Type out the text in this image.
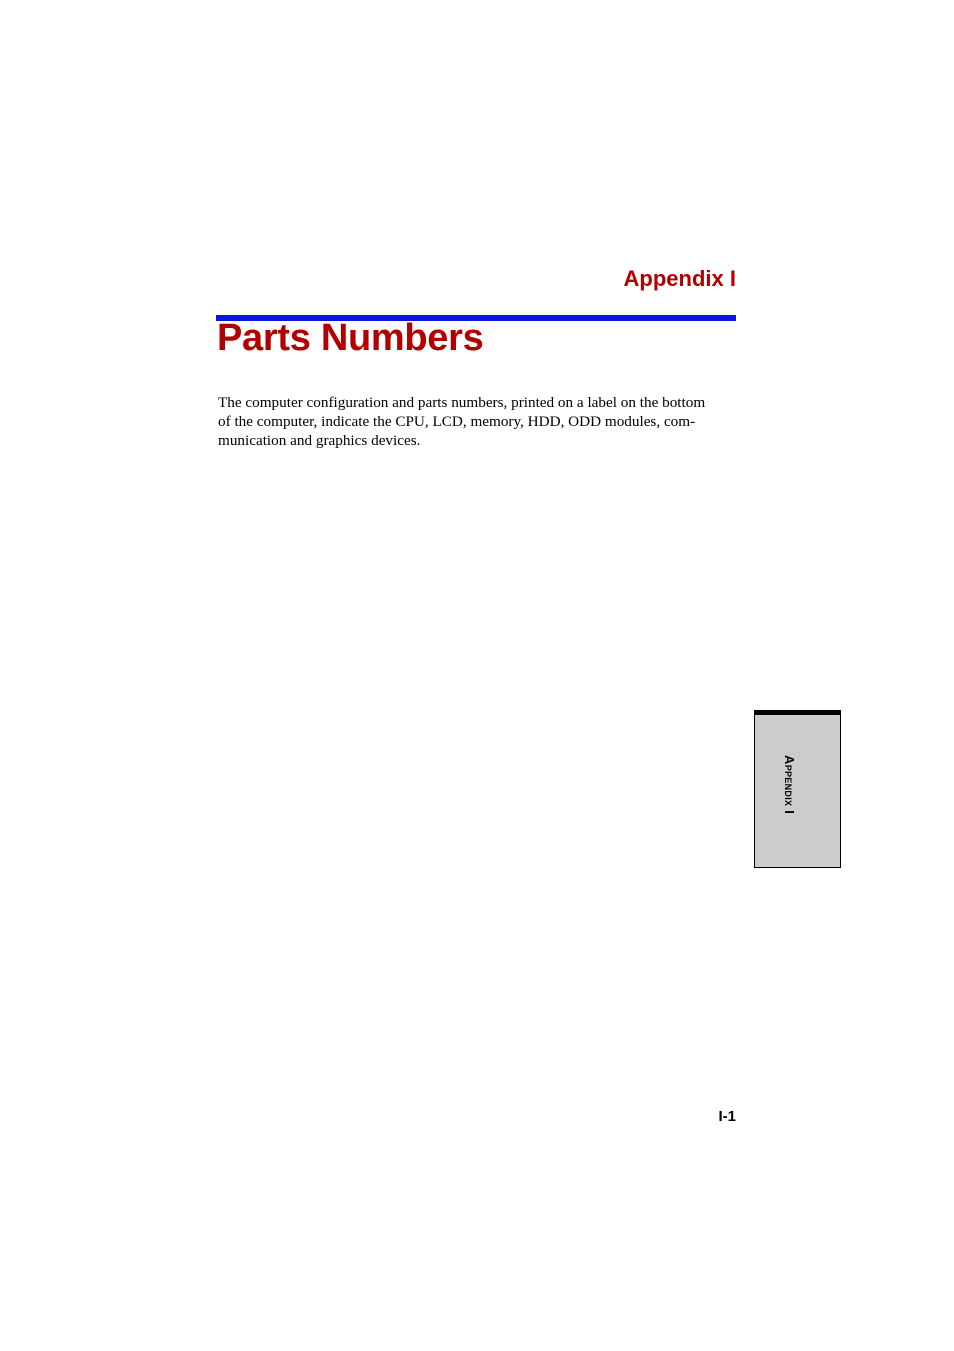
Appendix I
Parts Numbers

The computer configuration and parts numbers, printed on a label on the bottom
of the computer, indicate the CPU, LCD, memory, HDD, ODD modules, com-
munication and graphics devices.

Appendix I
I-1
